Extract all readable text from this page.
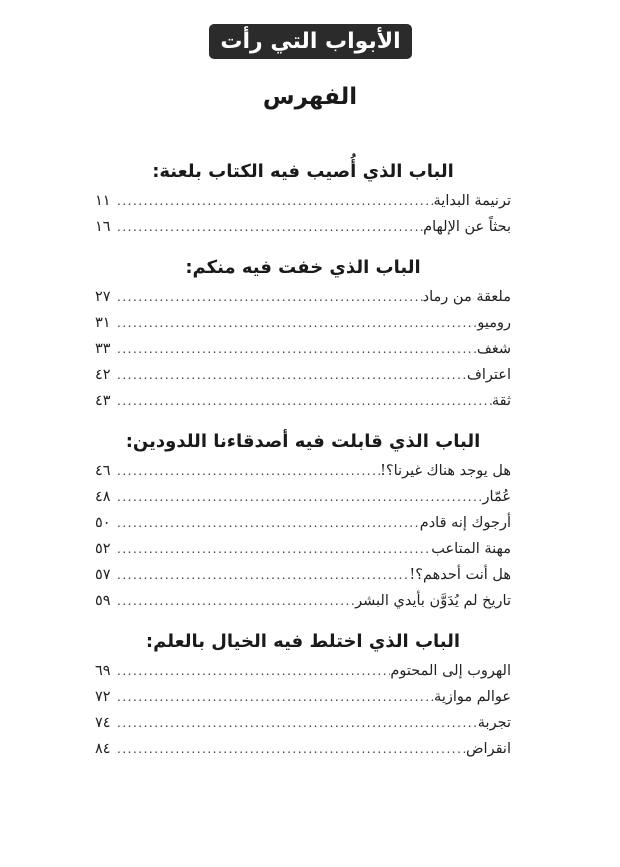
الأبواب التي رأت
الفهرس
الباب الذي أُصيب فيه الكتاب بلعنة:
ترنيمة البداية
.....
١١
بحثاً عن الإلهام
.....
١٦
الباب الذي خفت فيه منكم:
ملعقة من رماد
.....
٢٧
روميو
.....
٣١
شغف
.....
٣٣
اعتراف
.....
٤٢
ثقة
.....
٤٣
الباب الذي قابلت فيه أصدقاءنا اللدودين:
هل يوجد هناك غيرنا؟!
.....
٤٦
عُمّار
.....
٤٨
أرجوك إنه قادم
.....
٥٠
مهنة المتاعب
.....
٥٢
هل أنت أحدهم؟!
.....
٥٧
تاريخ لم يُدَوَّن بأيدي البشر
.....
٥٩
الباب الذي اختلط فيه الخيال بالعلم:
الهروب إلى المحتوم
.....
٦٩
عوالم موازية
.....
٧٢
تجربة
.....
٧٤
انقراض
.....
٨٤
